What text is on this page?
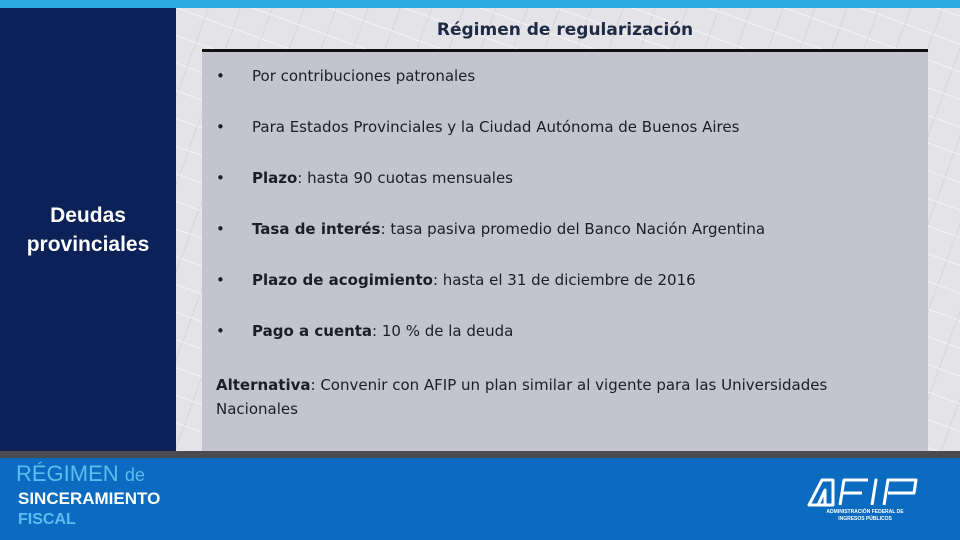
Deudas provinciales
Régimen de regularización
• Por contribuciones patronales
• Para Estados Provinciales y la Ciudad Autónoma de Buenos Aires
• Plazo: hasta 90 cuotas mensuales
• Tasa de interés: tasa pasiva promedio del Banco Nación Argentina
• Plazo de acogimiento: hasta el 31 de diciembre de 2016
• Pago a cuenta: 10 % de la deuda
Alternativa: Convenir con AFIP un plan similar al vigente para las Universidades Nacionales
RÉGIMEN de
SINCERAMIENTO
FISCAL	ADMINISTRACIÓN FEDERAL DE
INGRESOS PÚBLICOS
